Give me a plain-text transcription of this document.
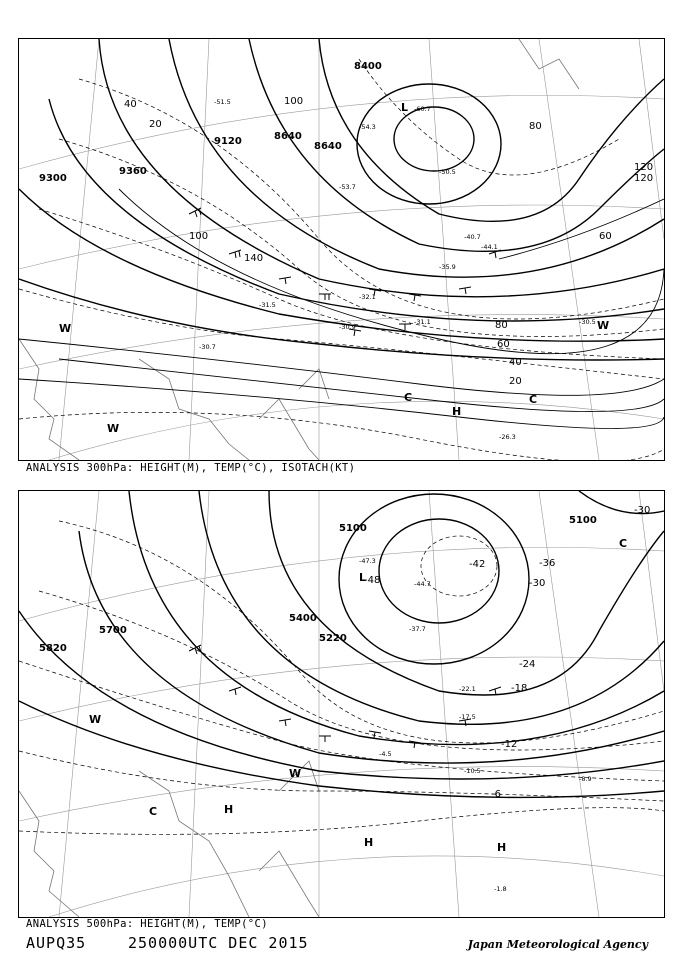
8400
8640
9120	8640
9360
9300
20
40
60
80
100
120
140
120
100
80
60
40
20
-60.7
-54.3
-50.5
-51.5
-53.7
-40.7
-44.1
-35.9
-32.1
-31.1
-30.9
-30.5
-30.7
-31.5
-26.3
L
C
H
C
W
W
W
ANALYSIS 300hPa: HEIGHT(M), TEMP(°C), ISOTACH(KT)
5100
5100
5220
5400
5700
5820
-48
-42	-36
-30
-24
-18
-12
-6
-30
-47.3
-44.7
-37.7
-22.1
-17.5
-10.5
-8.9
-4.5
-1.8
L
C
C
H
H	H
W
W
ANALYSIS 500hPa: HEIGHT(M), TEMP(°C)
AUPQ35	250000UTC DEC 2015	Japan Meteorological Agency
